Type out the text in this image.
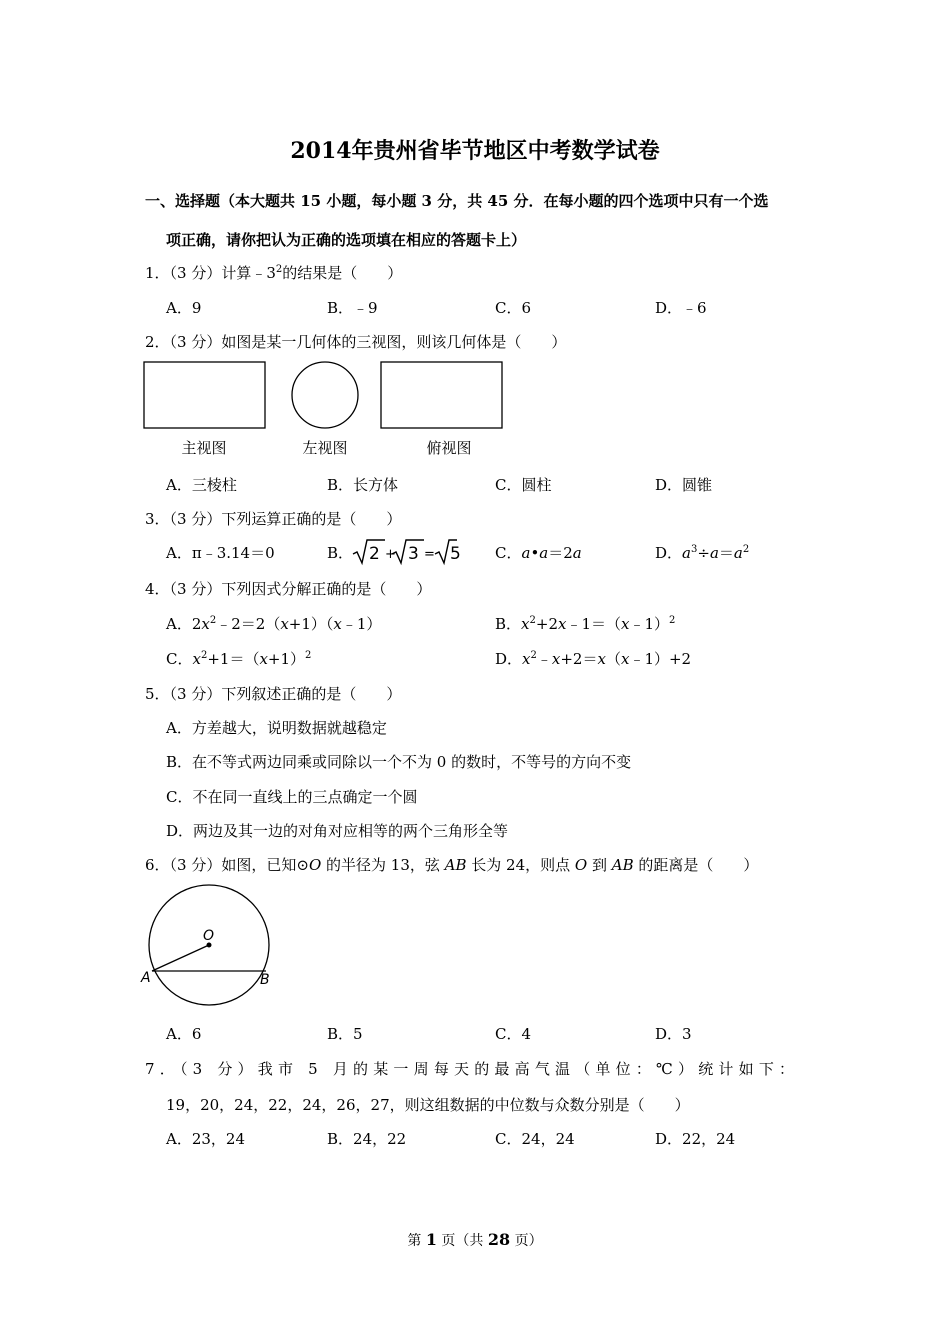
2014年贵州省毕节地区中考数学试卷
一、选择题（本大题共 15 小题，每小题 3 分，共 45 分．在每小题的四个选项中只有一个选
项正确，请你把认为正确的选项填在相应的答题卡上）
1．（3 分）计算$﹣3^2$的结果是（　　）
A．9	B．﹣9	C．6	D．﹣6
2．（3 分）如图是某一几何体的三视图，则该几何体是（　　）
主视图	左视图	俯视图
A．三棱柱	B．长方体	C．圆柱	D．圆锥
3．（3 分）下列运算正确的是（　　）
A．π﹣3.14＝0	B． 2 + 3 = 5 C．a•a＝2a	D．$a^3\div a=a^2$
4．（3 分）下列因式分解正确的是（　　）
A．$2x^2﹣2=2(x+1)(x﹣1)$	B．$x^2+2x﹣1=(x﹣1)^2$
C．$x^2+1=(x+1)^2$	D．$x^2﹣x+2=x(x﹣1)+2$
5．（3 分）下列叙述正确的是（　　）
A．方差越大，说明数据就越稳定
B．在不等式两边同乘或同除以一个不为 0 的数时，不等号的方向不变
C．不在同一直线上的三点确定一个圆
D．两边及其一边的对角对应相等的两个三角形全等
6．（3 分）如图，已知⊙O 的半径为 13，弦 AB 长为 24，则点 O 到 AB 的距离是（　　）
O
A	B
A．6	B．5	C．4	D．3
7．（3 分）我市 5 月的某一周每天的最高气温（单位：℃）统计如下：
19，20，24，22，24，26，27，则这组数据的中位数与众数分别是（　　）
A．23，24	B．24，22	C．24，24	D．22，24
第 1 页（共 28 页）
